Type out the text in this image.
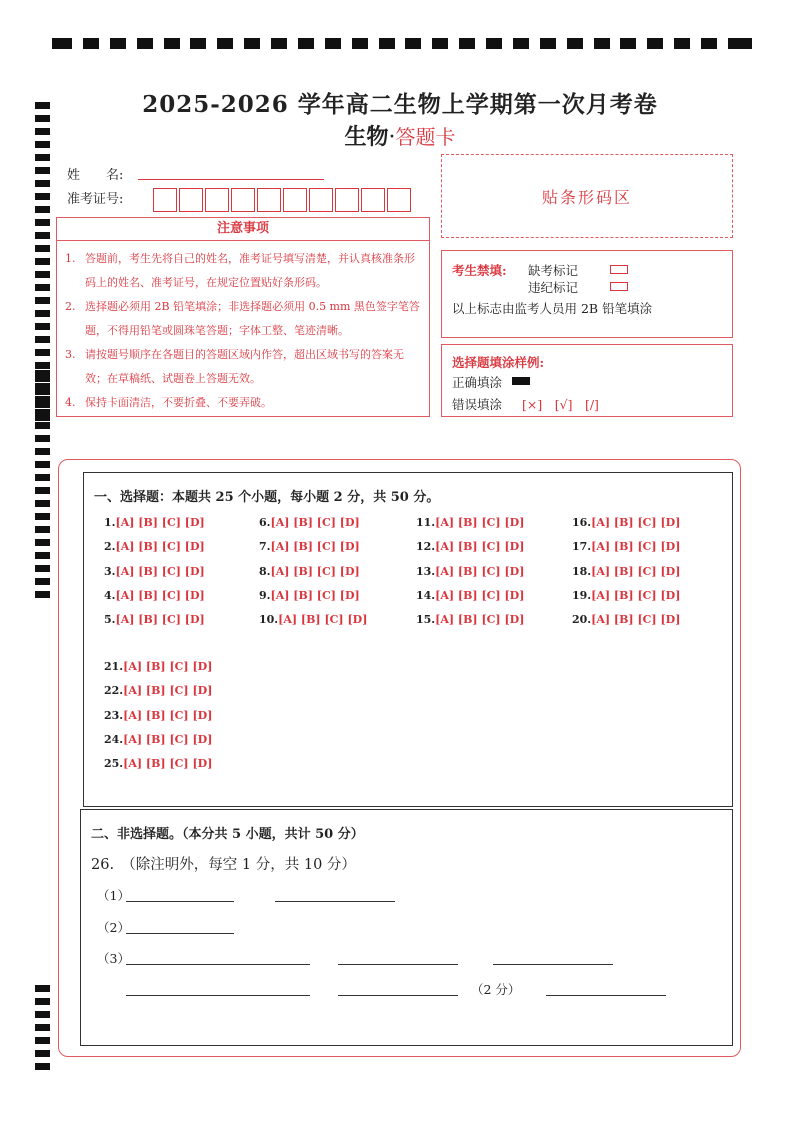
2025-2026 学年高二生物上学期第一次月考卷
生物·答题卡
姓　　名:
准考证号:	贴条形码区
注意事项
1. 答题前，考生先将自己的姓名，准考证号填写清楚，并认真核准条形码上的姓名、准考证号，在规定位置贴好条形码。
2. 选择题必须用 2B 铅笔填涂；非选择题必须用 0.5 mm 黑色签字笔答题，不得用铅笔或圆珠笔答题；字体工整、笔迹清晰。
3. 请按题号顺序在各题目的答题区域内作答，超出区域书写的答案无效；在草稿纸、试题卷上答题无效。
4. 保持卡面清洁，不要折叠、不要弄破。
考生禁填: 缺考标记
违纪标记
以上标志由监考人员用 2B 铅笔填涂
选择题填涂样例:
正确填涂
错误填涂 [×]　[√]　[/]
一、选择题：本题共 25 个小题，每小题 2 分，共 50 分。
1.[A] [B] [C] [D]
2.[A] [B] [C] [D]
3.[A] [B] [C] [D]
4.[A] [B] [C] [D]
5.[A] [B] [C] [D]
6.[A] [B] [C] [D]
7.[A] [B] [C] [D]
8.[A] [B] [C] [D]
9.[A] [B] [C] [D]
10.[A] [B] [C] [D]
11.[A] [B] [C] [D]
12.[A] [B] [C] [D]
13.[A] [B] [C] [D]
14.[A] [B] [C] [D]
15.[A] [B] [C] [D]
16.[A] [B] [C] [D]
17.[A] [B] [C] [D]
18.[A] [B] [C] [D]
19.[A] [B] [C] [D]
20.[A] [B] [C] [D]
21.[A] [B] [C] [D]
22.[A] [B] [C] [D]
23.[A] [B] [C] [D]
24.[A] [B] [C] [D]
25.[A] [B] [C] [D]
二、非选择题。（本分共 5 小题，共计 50 分）
26.　（除注明外，每空 1 分，共 10 分）
（1）
（2）
（3）
（2 分）
